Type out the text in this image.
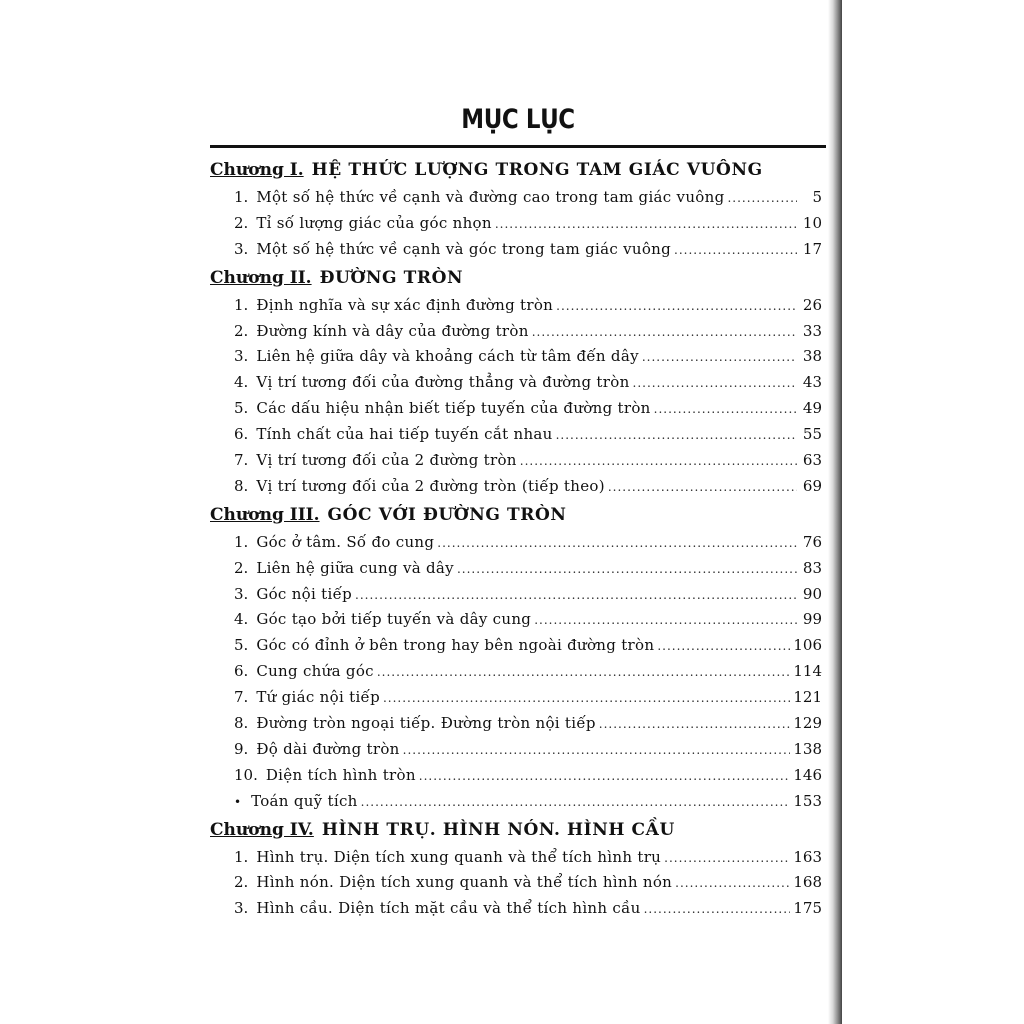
MỤC LỤC
Chương I. HỆ THỨC LƯỢNG TRONG TAM GIÁC VUÔNG
1. Một số hệ thức về cạnh và đường cao trong tam giác vuông .....	5
2. Tỉ số lượng giác của góc nhọn .....	10
3. Một số hệ thức về cạnh và góc trong tam giác vuông .....	17
Chương II. ĐƯỜNG TRÒN
1. Định nghĩa và sự xác định đường tròn .....	26
2. Đường kính và dây của đường tròn .....	33
3. Liên hệ giữa dây và khoảng cách từ tâm đến dây .....	38
4. Vị trí tương đối của đường thẳng và đường tròn .....	43
5. Các dấu hiệu nhận biết tiếp tuyến của đường tròn .....	49
6. Tính chất của hai tiếp tuyến cắt nhau .....	55
7. Vị trí tương đối của 2 đường tròn .....	63
8. Vị trí tương đối của 2 đường tròn (tiếp theo) .....	69
Chương III. GÓC VỚI ĐƯỜNG TRÒN
1. Góc ở tâm. Số đo cung .....	76
2. Liên hệ giữa cung và dây .....	83
3. Góc nội tiếp .....	90
4. Góc tạo bởi tiếp tuyến và dây cung .....	99
5. Góc có đỉnh ở bên trong hay bên ngoài đường tròn .....	106
6. Cung chứa góc .....	114
7. Tứ giác nội tiếp .....	121
8. Đường tròn ngoại tiếp. Đường tròn nội tiếp .....	129
9. Độ dài đường tròn .....	138
10. Diện tích hình tròn .....	146
• Toán quỹ tích .....	153
Chương IV. HÌNH TRỤ. HÌNH NÓN. HÌNH CẦU
1. Hình trụ. Diện tích xung quanh và thể tích hình trụ .....	163
2. Hình nón. Diện tích xung quanh và thể tích hình nón .....	168
3. Hình cầu. Diện tích mặt cầu và thể tích hình cầu .....	175
